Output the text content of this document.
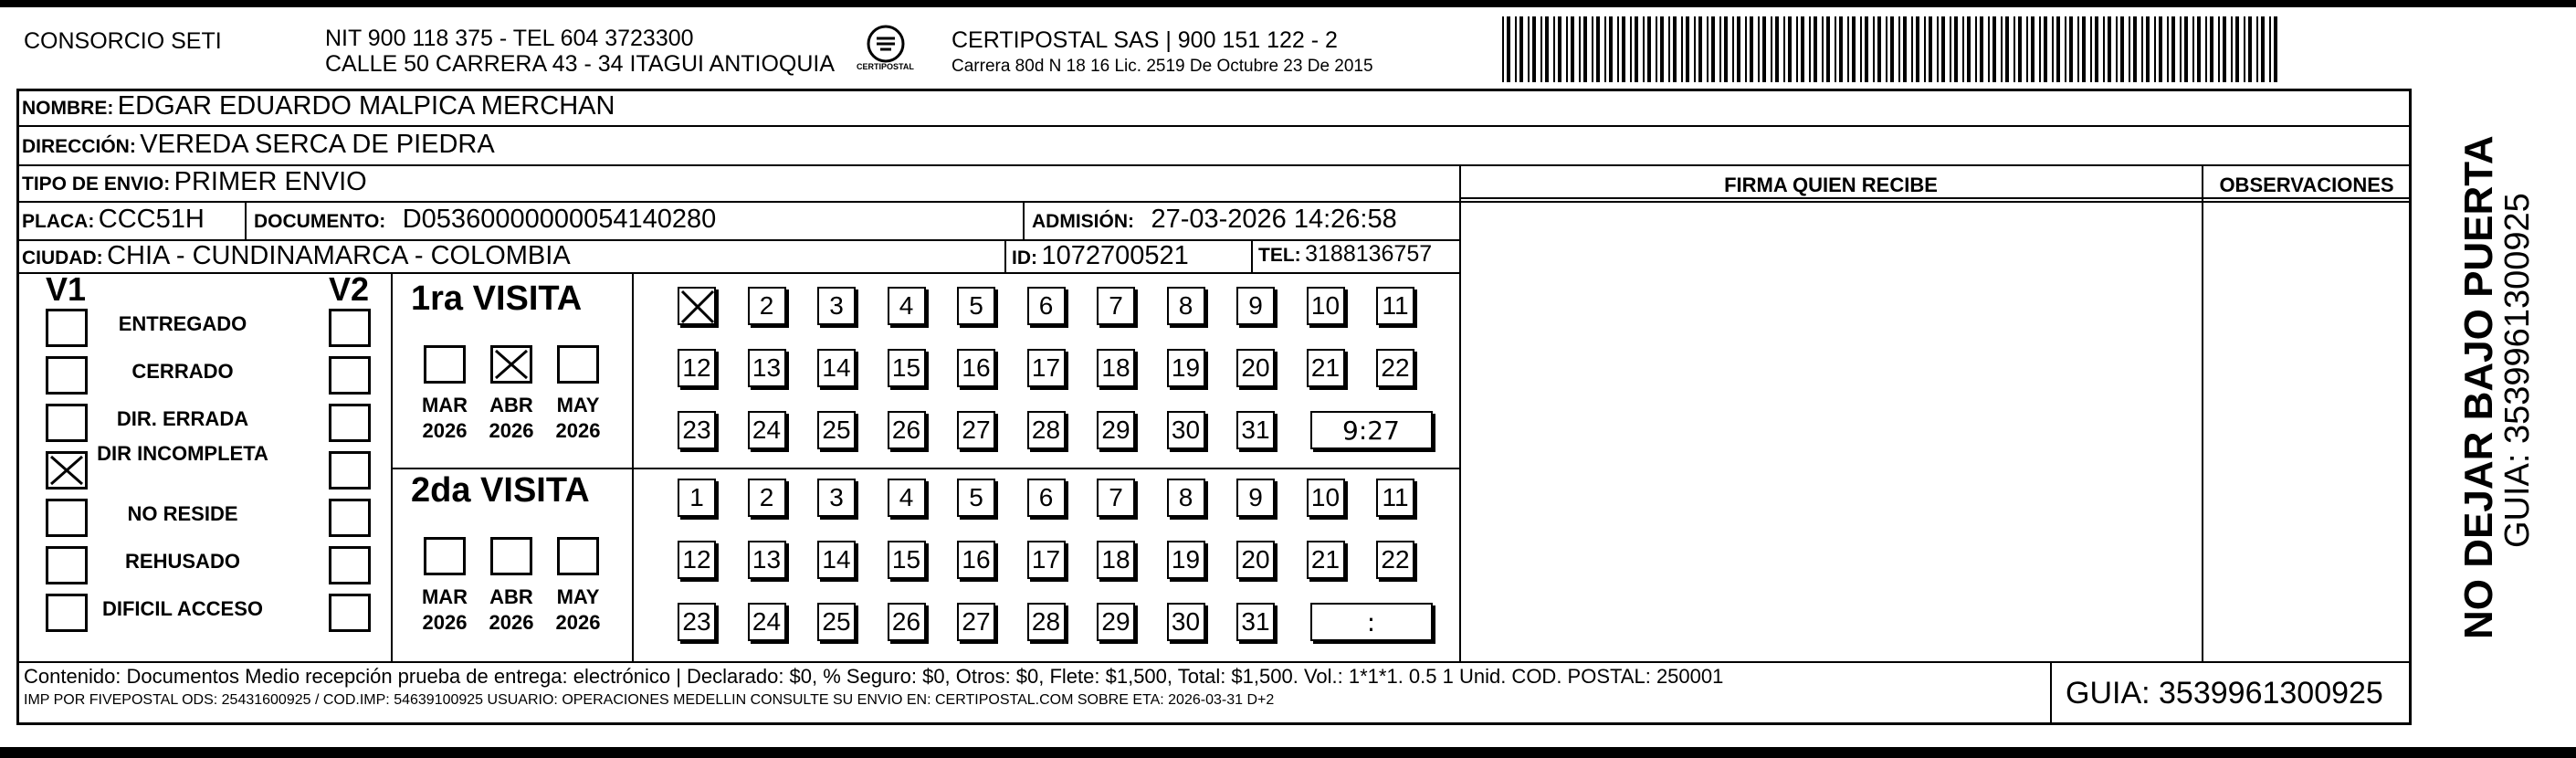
CONSORCIO SETI	NIT 900 118 375 - TEL 604 3723300
CALLE 50 CARRERA 43 - 34 ITAGUI ANTIOQUIA	CERTIPOSTAL
CERTIPOSTAL SAS | 900 151 122 - 2
Carrera 80d N 18 16 Lic. 2519 De Octubre 23 De 2015
NOMBRE: EDGAR EDUARDO MALPICA MERCHAN
DIRECCIÓN: VEREDA SERCA DE PIEDRA
TIPO DE ENVIO: PRIMER ENVIO	FIRMA QUIEN RECIBE	OBSERVACIONES
PLACA: CCC51H	DOCUMENTO: D05360000000054140280	ADMISIÓN: 27-03-2026 14:26:58
CIUDAD: CHIA - CUNDINAMARCA - COLOMBIA	ID: 1072700521	TEL: 3188136757
V1	V2
ENTREGADO
CERRADO
DIR. ERRADA
DIR INCOMPLETA
NO RESIDE
REHUSADO
DIFICIL ACCESO
1ra VISITA
MAR
2026
ABR
2026
MAY
2026
2 3 4 5 6 7 8 9 10 11
12 13 14 15 16 17 18 19 20 21 22
23 24 25 26 27 28 29 30 31	9:27
2da VISITA
MAR
2026
ABR
2026
MAY
2026
1 2 3 4 5 6 7 8 9 10 11
12 13 14 15 16 17 18 19 20 21 22
23 24 25 26 27 28 29 30 31	:	NO DEJAR BAJO PUERTA
GUIA: 3539961300925
Contenido: Documentos Medio recepción prueba de entrega: electrónico | Declarado: $0, % Seguro: $0, Otros: $0, Flete: $1,500, Total: $1,500. Vol.: 1*1*1. 0.5 1 Unid. COD. POSTAL: 250001
IMP POR FIVEPOSTAL ODS: 25431600925 / COD.IMP: 54639100925 USUARIO: OPERACIONES MEDELLIN CONSULTE SU ENVIO EN: CERTIPOSTAL.COM SOBRE ETA: 2026-03-31 D+2	GUIA: 3539961300925
